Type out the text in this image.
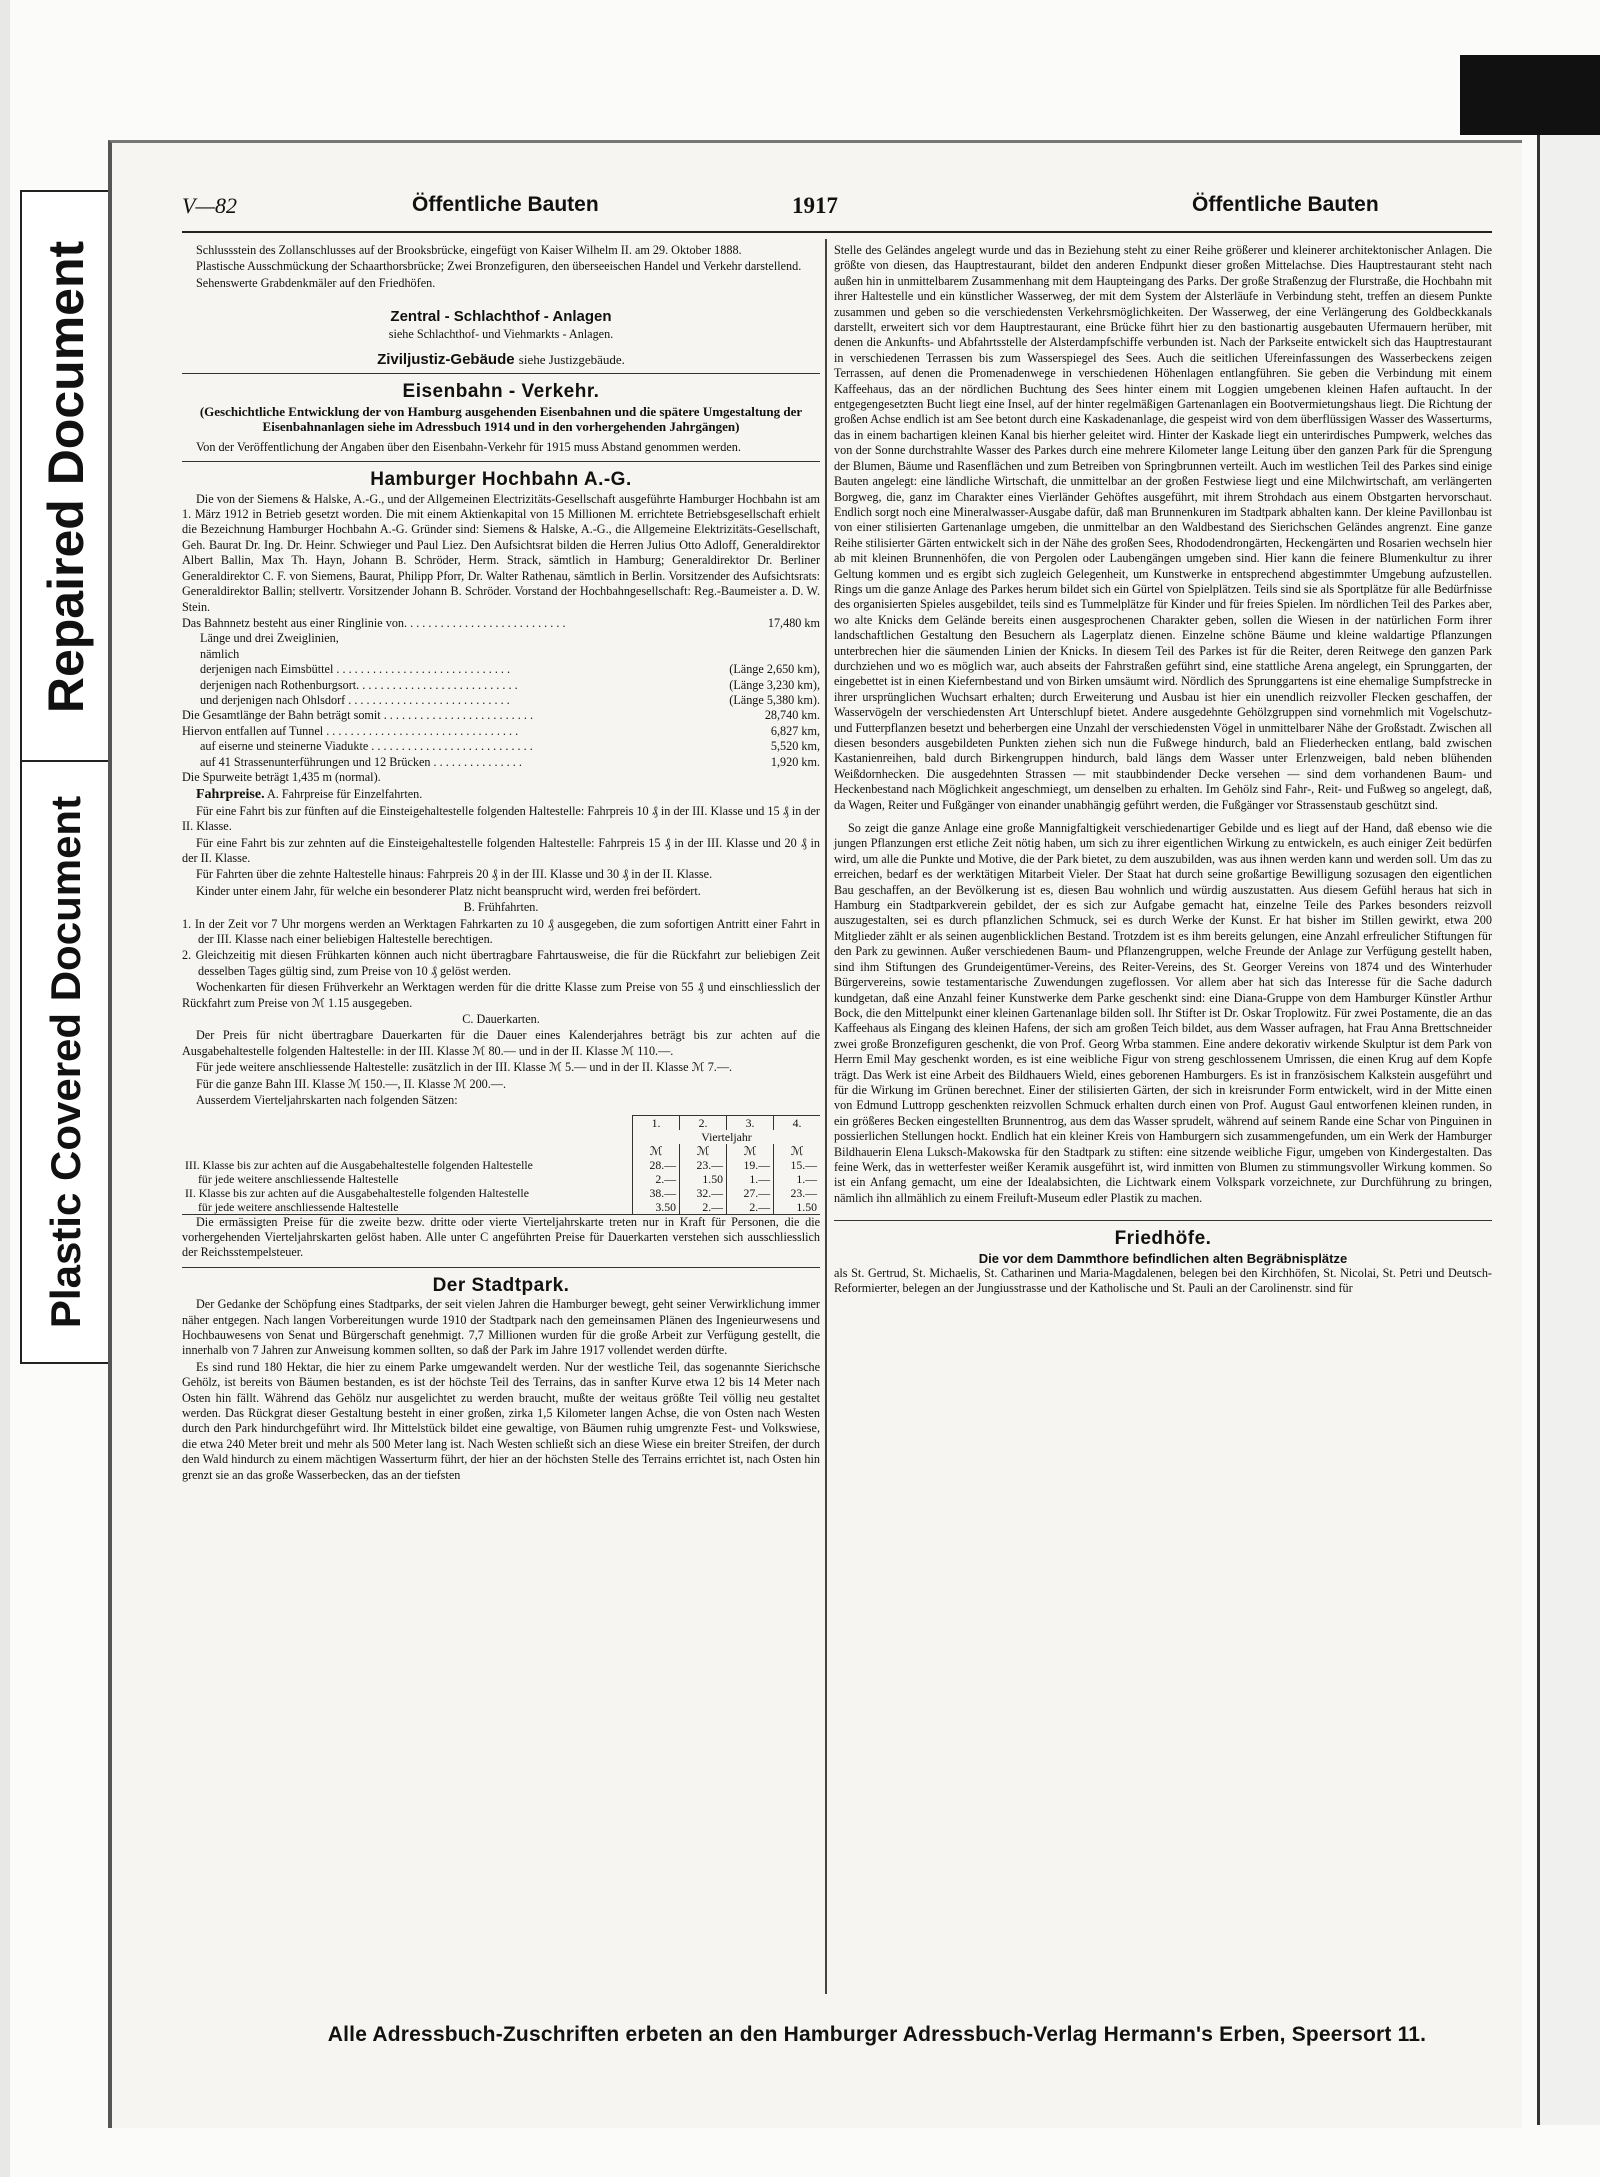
Repaired Document
Plastic Covered Document
V—82	Öffentliche Bauten	1917	Öffentliche Bauten

Schlussstein des Zollanschlusses auf der Brooksbrücke, eingefügt von Kaiser Wilhelm II. am 29. Oktober 1888.

Plastische Ausschmückung der Schaarthorsbrücke; Zwei Bronzefiguren, den überseeischen Handel und Verkehr darstellend.

Sehenswerte Grabdenkmäler auf den Friedhöfen.

Zentral - Schlachthof - Anlagen

siehe Schlachthof- und Viehmarkts - Anlagen.

Ziviljustiz-Gebäude siehe Justizgebäude.
Eisenbahn - Verkehr.
(Geschichtliche Entwicklung der von Hamburg ausgehenden Eisenbahnen und die spätere Umgestaltung der Eisenbahnanlagen siehe im Adressbuch 1914 und in den vorhergehenden Jahrgängen)

Von der Veröffentlichung der Angaben über den Eisenbahn-Verkehr für 1915 muss Abstand genommen werden.

Hamburger Hochbahn A.-G.

Die von der Siemens & Halske, A.-G., und der Allgemeinen Electrizitäts-Gesellschaft ausgeführte Hamburger Hochbahn ist am 1. März 1912 in Betrieb gesetzt worden. Die mit einem Aktienkapital von 15 Millionen M. errichtete Betriebsgesellschaft erhielt die Bezeichnung Hamburger Hochbahn A.-G. Gründer sind: Siemens & Halske, A.-G., die Allgemeine Elektrizitäts-Gesellschaft, Geh. Baurat Dr. Ing. Dr. Heinr. Schwieger und Paul Liez. Den Aufsichtsrat bilden die Herren Julius Otto Adloff, Generaldirektor Albert Ballin, Max Th. Hayn, Johann B. Schröder, Herm. Strack, sämtlich in Hamburg; Generaldirektor Dr. Berliner Generaldirektor C. F. von Siemens, Baurat, Philipp Pforr, Dr. Walter Rathenau, sämtlich in Berlin. Vorsitzender des Aufsichtsrats: Generaldirektor Ballin; stellvertr. Vorsitzender Johann B. Schröder. Vorstand der Hochbahngesellschaft: Reg.-Baumeister a. D. W. Stein.

Das Bahnnetz besteht aus einer Ringlinie von. . . . . . . . . . . . . . . . . . . . . . . . . . .	17,480 km
Länge und drei Zweiglinien,
nämlich
derjenigen nach Eimsbüttel . . . . . . . . . . . . . . . . . . . . . . . . . . . . .	(Länge 2,650 km),
derjenigen nach Rothenburgsort. . . . . . . . . . . . . . . . . . . . . . . . . . .	(Länge 3,230 km),
und derjenigen nach Ohlsdorf . . . . . . . . . . . . . . . . . . . . . . . . . . .	(Länge 5,380 km).
Die Gesamtlänge der Bahn beträgt somit . . . . . . . . . . . . . . . . . . . . . . . . .	28,740 km.
Hiervon entfallen auf Tunnel . . . . . . . . . . . . . . . . . . . . . . . . . . . . . . . .	6,827 km,
auf eiserne und steinerne Viadukte . . . . . . . . . . . . . . . . . . . . . . . . . . .	5,520 km,
auf 41 Strassenunterführungen und 12 Brücken . . . . . . . . . . . . . . .	1,920 km.
Die Spurweite beträgt 1,435 m (normal).

Fahrpreise. A. Fahrpreise für Einzelfahrten.

Für eine Fahrt bis zur fünften auf die Einsteigehaltestelle folgenden Haltestelle: Fahrpreis 10 ₰ in der III. Klasse und 15 ₰ in der II. Klasse.

Für eine Fahrt bis zur zehnten auf die Einsteigehaltestelle folgenden Haltestelle: Fahrpreis 15 ₰ in der III. Klasse und 20 ₰ in der II. Klasse.

Für Fahrten über die zehnte Haltestelle hinaus: Fahrpreis 20 ₰ in der III. Klasse und 30 ₰ in der II. Klasse.

Kinder unter einem Jahr, für welche ein besonderer Platz nicht beansprucht wird, werden frei befördert.

B. Frühfahrten.

1. In der Zeit vor 7 Uhr morgens werden an Werktagen Fahrkarten zu 10 ₰ ausgegeben, die zum sofortigen Antritt einer Fahrt in der III. Klasse nach einer beliebigen Haltestelle berechtigen.

2. Gleichzeitig mit diesen Frühkarten können auch nicht übertragbare Fahrtausweise, die für die Rückfahrt zur beliebigen Zeit desselben Tages gültig sind, zum Preise von 10 ₰ gelöst werden.

Wochenkarten für diesen Frühverkehr an Werktagen werden für die dritte Klasse zum Preise von 55 ₰ und einschliesslich der Rückfahrt zum Preise von ℳ 1.15 ausgegeben.

C. Dauerkarten.

Der Preis für nicht übertragbare Dauerkarten für die Dauer eines Kalenderjahres beträgt bis zur achten auf die Ausgabehaltestelle folgenden Haltestelle: in der III. Klasse ℳ 80.— und in der II. Klasse ℳ 110.—.

Für jede weitere anschliessende Haltestelle: zusätzlich in der III. Klasse ℳ 5.— und in der II. Klasse ℳ 7.—.

Für die ganze Bahn III. Klasse ℳ 150.—, II. Klasse ℳ 200.—.

Ausserdem Vierteljahrskarten nach folgenden Sätzen:

	1.	2.	3.	4.
	Vierteljahr			
	ℳ	ℳ	ℳ	ℳ
III. Klasse bis zur achten auf die Ausgabehaltestelle folgenden Haltestelle	28.—	23.—	19.—	15.—
für jede weitere anschliessende Haltestelle	2.—	1.50	1.—	1.—
II. Klasse bis zur achten auf die Ausgabehaltestelle folgenden Haltestelle	38.—	32.—	27.—	23.—
für jede weitere anschliessende Haltestelle	3.50	2.—	2.—	1.50

Die ermässigten Preise für die zweite bezw. dritte oder vierte Vierteljahrskarte treten nur in Kraft für Personen, die die vorhergehenden Vierteljahrskarten gelöst haben. Alle unter C angeführten Preise für Dauerkarten verstehen sich ausschliesslich der Reichsstempelsteuer.

Der Stadtpark.

Der Gedanke der Schöpfung eines Stadtparks, der seit vielen Jahren die Hamburger bewegt, geht seiner Verwirklichung immer näher entgegen. Nach langen Vorbereitungen wurde 1910 der Stadtpark nach den gemeinsamen Plänen des Ingenieurwesens und Hochbauwesens von Senat und Bürgerschaft genehmigt. 7,7 Millionen wurden für die große Arbeit zur Verfügung gestellt, die innerhalb von 7 Jahren zur Anweisung kommen sollten, so daß der Park im Jahre 1917 vollendet werden dürfte.

Es sind rund 180 Hektar, die hier zu einem Parke umgewandelt werden. Nur der westliche Teil, das sogenannte Sierichsche Gehölz, ist bereits von Bäumen bestanden, es ist der höchste Teil des Terrains, das in sanfter Kurve etwa 12 bis 14 Meter nach Osten hin fällt. Während das Gehölz nur ausgelichtet zu werden braucht, mußte der weitaus größte Teil völlig neu gestaltet werden. Das Rückgrat dieser Gestaltung besteht in einer großen, zirka 1,5 Kilometer langen Achse, die von Osten nach Westen durch den Park hindurchgeführt wird. Ihr Mittelstück bildet eine gewaltige, von Bäumen ruhig umgrenzte Fest- und Volkswiese, die etwa 240 Meter breit und mehr als 500 Meter lang ist. Nach Westen schließt sich an diese Wiese ein breiter Streifen, der durch den Wald hindurch zu einem mächtigen Wasserturm führt, der hier an der höchsten Stelle des Terrains errichtet ist, nach Osten hin grenzt sie an das große Wasserbecken, das an der tiefsten

Stelle des Geländes angelegt wurde und das in Beziehung steht zu einer Reihe größerer und kleinerer architektonischer Anlagen. Die größte von diesen, das Hauptrestaurant, bildet den anderen Endpunkt dieser großen Mittelachse. Dies Hauptrestaurant steht nach außen hin in unmittelbarem Zusammenhang mit dem Haupteingang des Parks. Der große Straßenzug der Flurstraße, die Hochbahn mit ihrer Haltestelle und ein künstlicher Wasserweg, der mit dem System der Alsterläufe in Verbindung steht, treffen an diesem Punkte zusammen und geben so die verschiedensten Verkehrsmöglichkeiten. Der Wasserweg, der eine Verlängerung des Goldbeckkanals darstellt, erweitert sich vor dem Hauptrestaurant, eine Brücke führt hier zu den bastionartig ausgebauten Ufermauern herüber, mit denen die Ankunfts- und Abfahrtsstelle der Alsterdampfschiffe verbunden ist. Nach der Parkseite entwickelt sich das Hauptrestaurant in verschiedenen Terrassen bis zum Wasserspiegel des Sees. Auch die seitlichen Ufereinfassungen des Wasserbeckens zeigen Terrassen, auf denen die Promenadenwege in verschiedenen Höhenlagen entlangführen. Sie geben die Verbindung mit einem Kaffeehaus, das an der nördlichen Buchtung des Sees hinter einem mit Loggien umgebenen kleinen Hafen auftaucht. In der entgegengesetzten Bucht liegt eine Insel, auf der hinter regelmäßigen Gartenanlagen ein Bootvermietungshaus liegt. Die Richtung der großen Achse endlich ist am See betont durch eine Kaskadenanlage, die gespeist wird von dem überflüssigen Wasser des Wasserturms, das in einem bachartigen kleinen Kanal bis hierher geleitet wird. Hinter der Kaskade liegt ein unterirdisches Pumpwerk, welches das von der Sonne durchstrahlte Wasser des Parkes durch eine mehrere Kilometer lange Leitung über den ganzen Park für die Sprengung der Blumen, Bäume und Rasenflächen und zum Betreiben von Springbrunnen verteilt. Auch im westlichen Teil des Parkes sind einige Bauten angelegt: eine ländliche Wirtschaft, die unmittelbar an der großen Festwiese liegt und eine Milchwirtschaft, am verlängerten Borgweg, die, ganz im Charakter eines Vierländer Gehöftes ausgeführt, mit ihrem Strohdach aus einem Obstgarten hervorschaut. Endlich sorgt noch eine Mineralwasser-Ausgabe dafür, daß man Brunnenkuren im Stadtpark abhalten kann. Der kleine Pavillonbau ist von einer stilisierten Gartenanlage umgeben, die unmittelbar an den Waldbestand des Sierichschen Geländes angrenzt. Eine ganze Reihe stilisierter Gärten entwickelt sich in der Nähe des großen Sees, Rhododendrongärten, Heckengärten und Rosarien wechseln hier ab mit kleinen Brunnenhöfen, die von Pergolen oder Laubengängen umgeben sind. Hier kann die feinere Blumenkultur zu ihrer Geltung kommen und es ergibt sich zugleich Gelegenheit, um Kunstwerke in entsprechend abgestimmter Umgebung aufzustellen. Rings um die ganze Anlage des Parkes herum bildet sich ein Gürtel von Spielplätzen. Teils sind sie als Sportplätze für alle Bedürfnisse des organisierten Spieles ausgebildet, teils sind es Tummelplätze für Kinder und für freies Spielen. Im nördlichen Teil des Parkes aber, wo alte Knicks dem Gelände bereits einen ausgesprochenen Charakter geben, sollen die Wiesen in der natürlichen Form ihrer landschaftlichen Gestaltung den Besuchern als Lagerplatz dienen. Einzelne schöne Bäume und kleine waldartige Pflanzungen unterbrechen hier die säumenden Linien der Knicks. In diesem Teil des Parkes ist für die Reiter, deren Reitwege den ganzen Park durchziehen und wo es möglich war, auch abseits der Fahrstraßen geführt sind, eine stattliche Arena angelegt, ein Sprunggarten, der eingebettet ist in einen Kiefernbestand und von Birken umsäumt wird. Nördlich des Sprunggartens ist eine ehemalige Sumpfstrecke in ihrer ursprünglichen Wuchsart erhalten; durch Erweiterung und Ausbau ist hier ein unendlich reizvoller Flecken geschaffen, der Wasservögeln der verschiedensten Art Unterschlupf bietet. Andere ausgedehnte Gehölzgruppen sind vornehmlich mit Vogelschutz- und Futterpflanzen besetzt und beherbergen eine Unzahl der verschiedensten Vögel in unmittelbarer Nähe der Großstadt. Zwischen all diesen besonders ausgebildeten Punkten ziehen sich nun die Fußwege hindurch, bald an Fliederhecken entlang, bald zwischen Kastanienreihen, bald durch Birkengruppen hindurch, bald längs dem Wasser unter Erlenzweigen, bald neben blühenden Weißdornhecken. Die ausgedehnten Strassen — mit staubbindender Decke versehen — sind dem vorhandenen Baum- und Heckenbestand nach Möglichkeit angeschmiegt, um denselben zu erhalten. Im Gehölz sind Fahr-, Reit- und Fußweg so angelegt, daß, da Wagen, Reiter und Fußgänger von einander unabhängig geführt werden, die Fußgänger vor Strassenstaub geschützt sind.

So zeigt die ganze Anlage eine große Mannigfaltigkeit verschiedenartiger Gebilde und es liegt auf der Hand, daß ebenso wie die jungen Pflanzungen erst etliche Zeit nötig haben, um sich zu ihrer eigentlichen Wirkung zu entwickeln, es auch einiger Zeit bedürfen wird, um alle die Punkte und Motive, die der Park bietet, zu dem auszubilden, was aus ihnen werden kann und werden soll. Um das zu erreichen, bedarf es der werktätigen Mitarbeit Vieler. Der Staat hat durch seine großartige Bewilligung sozusagen den eigentlichen Bau geschaffen, an der Bevölkerung ist es, diesen Bau wohnlich und würdig auszustatten. Aus diesem Gefühl heraus hat sich in Hamburg ein Stadtparkverein gebildet, der es sich zur Aufgabe gemacht hat, einzelne Teile des Parkes besonders reizvoll auszugestalten, sei es durch pflanzlichen Schmuck, sei es durch Werke der Kunst. Er hat bisher im Stillen gewirkt, etwa 200 Mitglieder zählt er als seinen augenblicklichen Bestand. Trotzdem ist es ihm bereits gelungen, eine Anzahl erfreulicher Stiftungen für den Park zu gewinnen. Außer verschiedenen Baum- und Pflanzengruppen, welche Freunde der Anlage zur Verfügung gestellt haben, sind ihm Stiftungen des Grundeigentümer-Vereins, des Reiter-Vereins, des St. Georger Vereins von 1874 und des Winterhuder Bürgervereins, sowie testamentarische Zuwendungen zugeflossen. Vor allem aber hat sich das Interesse für die Sache dadurch kundgetan, daß eine Anzahl feiner Kunstwerke dem Parke geschenkt sind: eine Diana-Gruppe von dem Hamburger Künstler Arthur Bock, die den Mittelpunkt einer kleinen Gartenanlage bilden soll. Ihr Stifter ist Dr. Oskar Troplowitz. Für zwei Postamente, die an das Kaffeehaus als Eingang des kleinen Hafens, der sich am großen Teich bildet, aus dem Wasser aufragen, hat Frau Anna Brettschneider zwei große Bronzefiguren geschenkt, die von Prof. Georg Wrba stammen. Eine andere dekorativ wirkende Skulptur ist dem Park von Herrn Emil May geschenkt worden, es ist eine weibliche Figur von streng geschlossenem Umrissen, die einen Krug auf dem Kopfe trägt. Das Werk ist eine Arbeit des Bildhauers Wield, eines geborenen Hamburgers. Es ist in französischem Kalkstein ausgeführt und für die Wirkung im Grünen berechnet. Einer der stilisierten Gärten, der sich in kreisrunder Form entwickelt, wird in der Mitte einen von Edmund Luttropp geschenkten reizvollen Schmuck erhalten durch einen von Prof. August Gaul entworfenen kleinen runden, in ein größeres Becken eingestellten Brunnentrog, aus dem das Wasser sprudelt, während auf seinem Rande eine Schar von Pinguinen in possierlichen Stellungen hockt. Endlich hat ein kleiner Kreis von Hamburgern sich zusammengefunden, um ein Werk der Hamburger Bildhauerin Elena Luksch-Makowska für den Stadtpark zu stiften: eine sitzende weibliche Figur, umgeben von Kindergestalten. Das feine Werk, das in wetterfester weißer Keramik ausgeführt ist, wird inmitten von Blumen zu stimmungsvoller Wirkung kommen. So ist ein Anfang gemacht, um eine der Idealabsichten, die Lichtwark einem Volkspark vorzeichnete, zur Durchführung zu bringen, nämlich ihn allmählich zu einem Freiluft-Museum edler Plastik zu machen.

Friedhöfe.
Die vor dem Dammthore befindlichen alten Begräbnisplätze

als St. Gertrud, St. Michaelis, St. Catharinen und Maria-Magdalenen, belegen bei den Kirchhöfen, St. Nicolai, St. Petri und Deutsch-Reformierter, belegen an der Jungiusstrasse und der Katholische und St. Pauli an der Carolinenstr. sind für

Alle Adressbuch-Zuschriften erbeten an den Hamburger Adressbuch-Verlag Hermann's Erben, Speersort 11.
